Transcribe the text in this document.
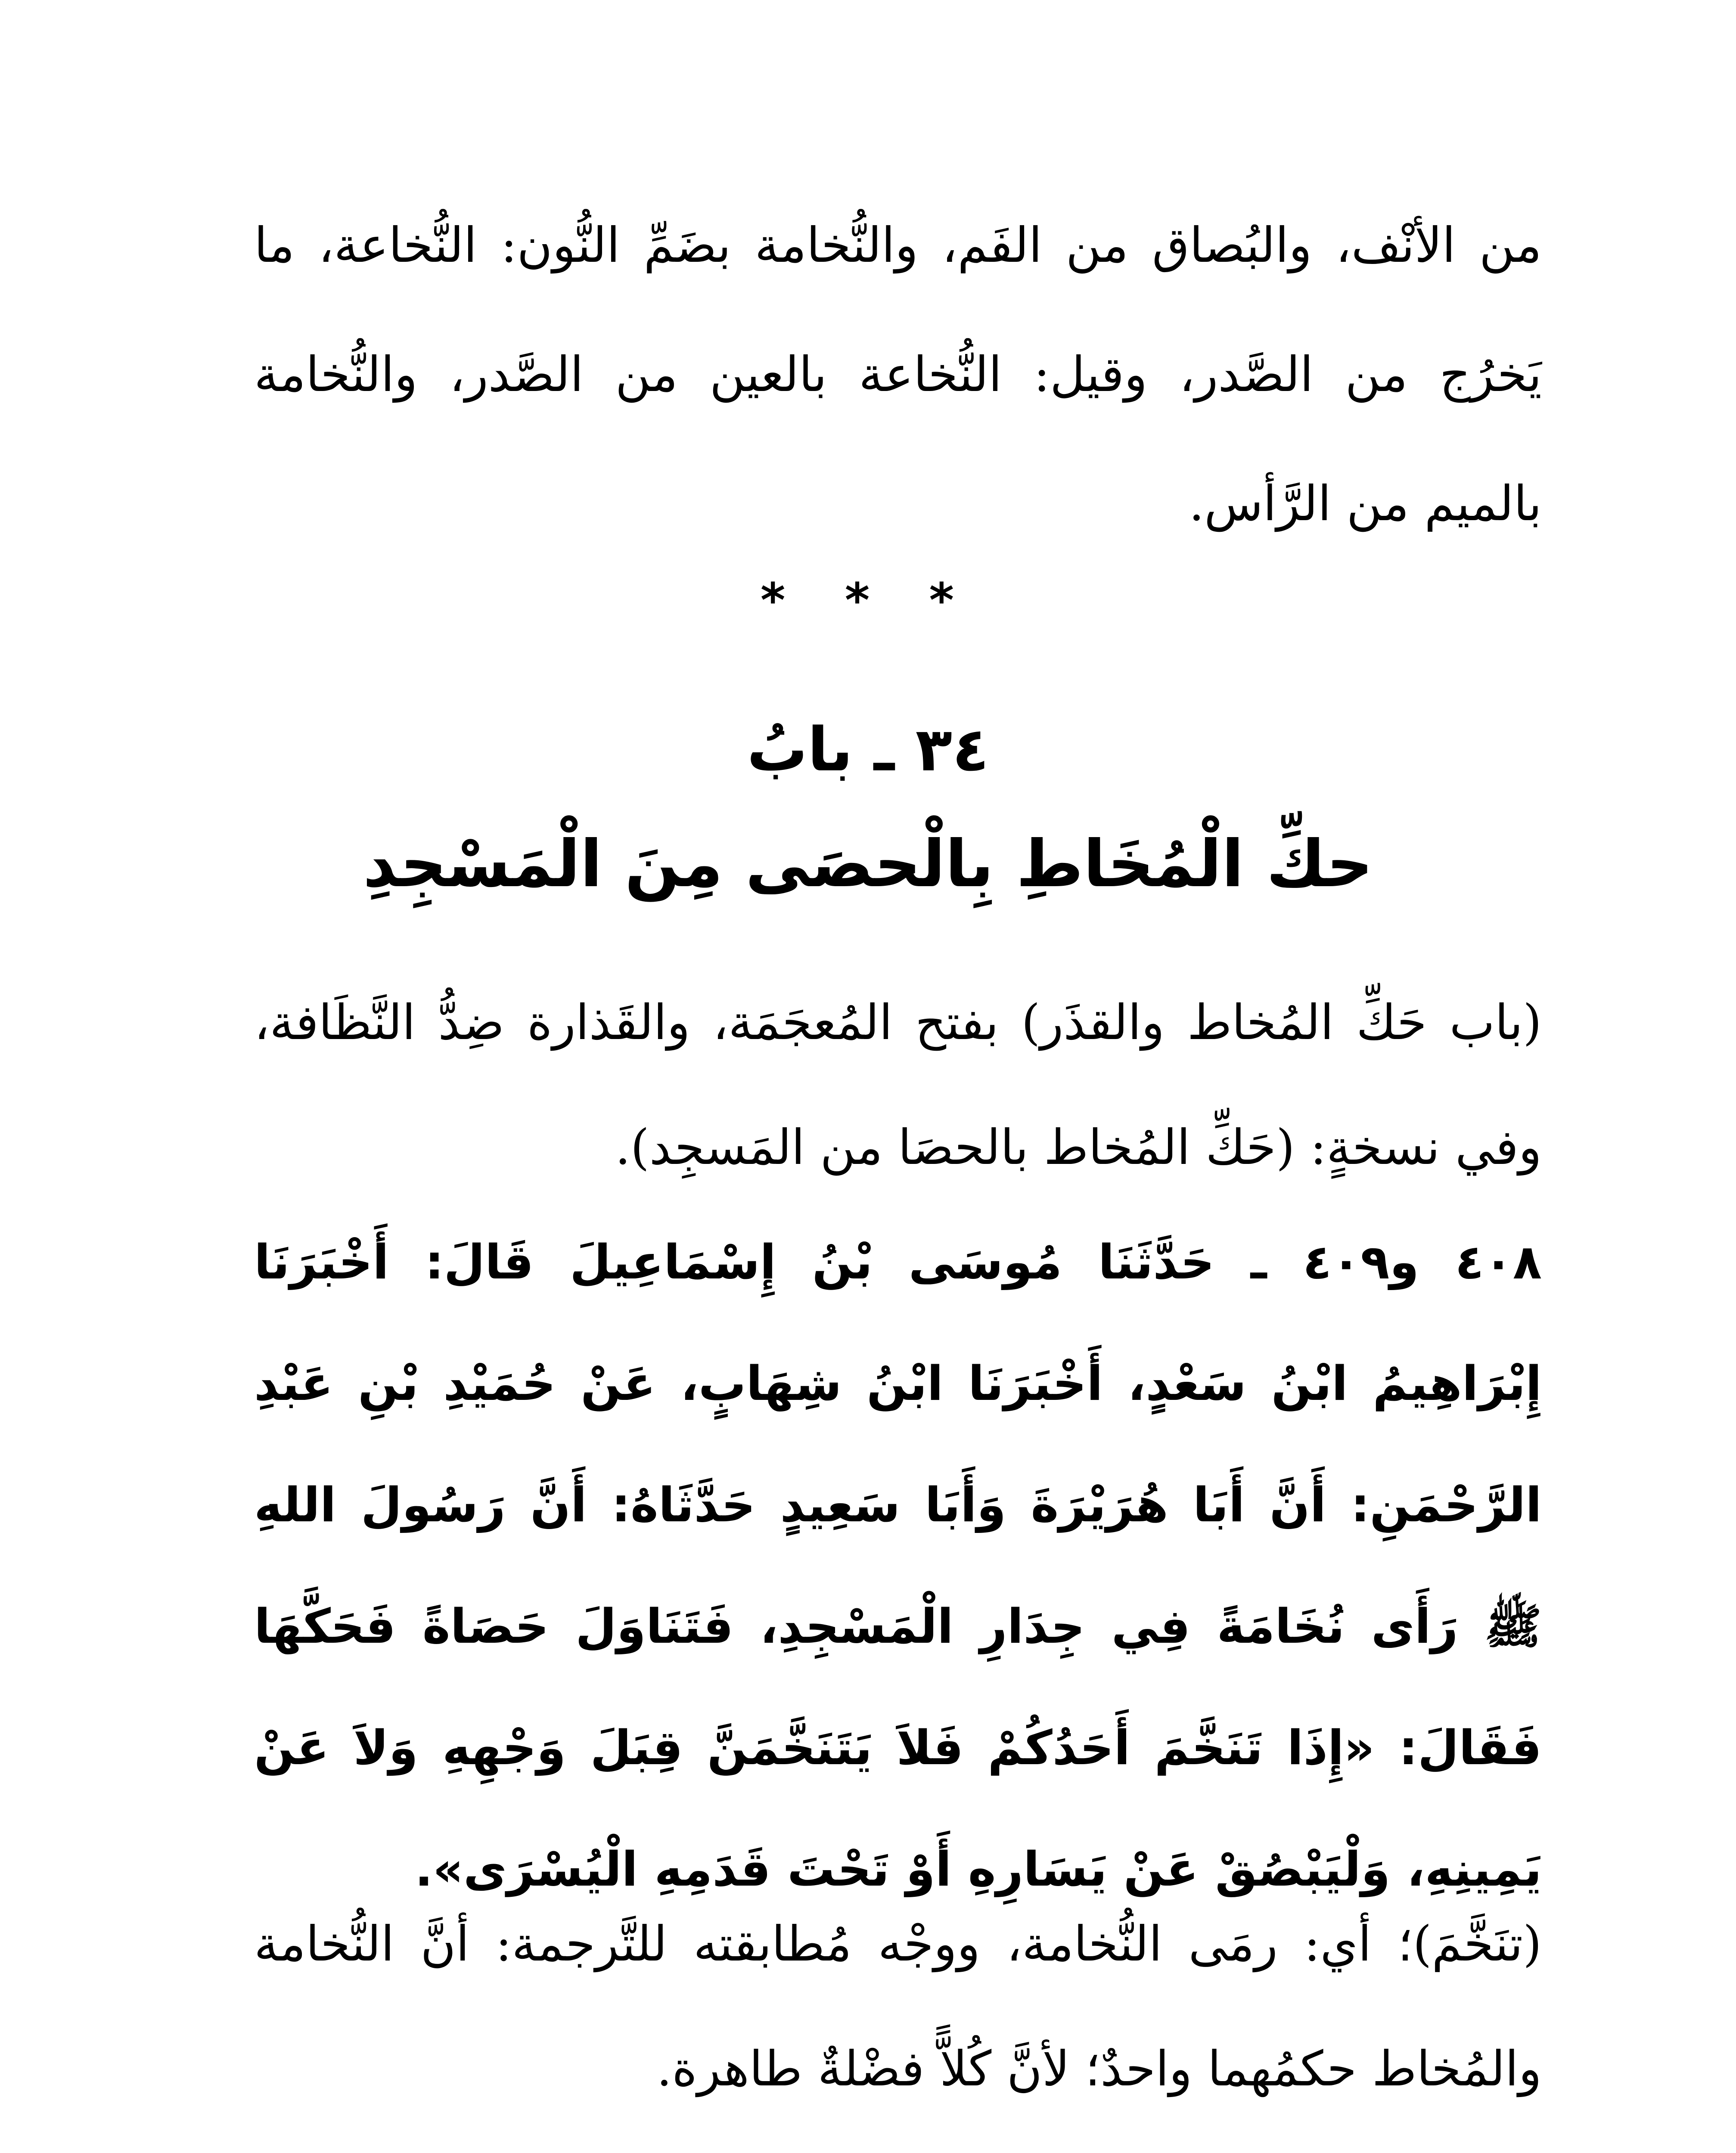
من الأنْف، والبُصاق من الفَم، والنُّخامة بضَمِّ النُّون: النُّخاعة، ما يَخرُج من الصَّدر، وقيل: النُّخاعة بالعين من الصَّدر، والنُّخامة بالميم من الرَّأس.

* * *
٣٤ ـ بابُ
حكِّ الْمُخَاطِ بِالْحصَى مِنَ الْمَسْجِدِ

(باب حَكِّ المُخاط والقذَر) بفتح المُعجَمَة، والقَذارة ضِدُّ النَّظَافة، وفي نسخةٍ: (حَكِّ المُخاط بالحصَا من المَسجِد).

٤٠٨ و٤٠٩ ـ حَدَّثَنَا مُوسَى بْنُ إِسْمَاعِيلَ قَالَ: أَخْبَرَنَا إِبْرَاهِيمُ ابْنُ سَعْدٍ، أَخْبَرَنَا ابْنُ شِهَابٍ، عَنْ حُمَيْدِ بْنِ عَبْدِ الرَّحْمَنِ: أَنَّ أَبَا هُرَيْرَةَ وَأَبَا سَعِيدٍ حَدَّثَاهُ: أَنَّ رَسُولَ اللهِ ﷺ رَأَى نُخَامَةً فِي جِدَارِ الْمَسْجِدِ، فَتَنَاوَلَ حَصَاةً فَحَكَّهَا فَقَالَ: «إِذَا تَنَخَّمَ أَحَدُكُمْ فَلاَ يَتَنَخَّمَنَّ قِبَلَ وَجْهِهِ وَلاَ عَنْ يَمِينِهِ، وَلْيَبْصُقْ عَنْ يَسَارِهِ أَوْ تَحْتَ قَدَمِهِ الْيُسْرَى».

(تنَخَّمَ)؛ أي: رمَى النُّخامة، ووجْه مُطابقته للتَّرجمة: أنَّ النُّخامة والمُخاط حكمُهما واحدٌ؛ لأنَّ كُلاًّ فضْلةٌ طاهرة.
